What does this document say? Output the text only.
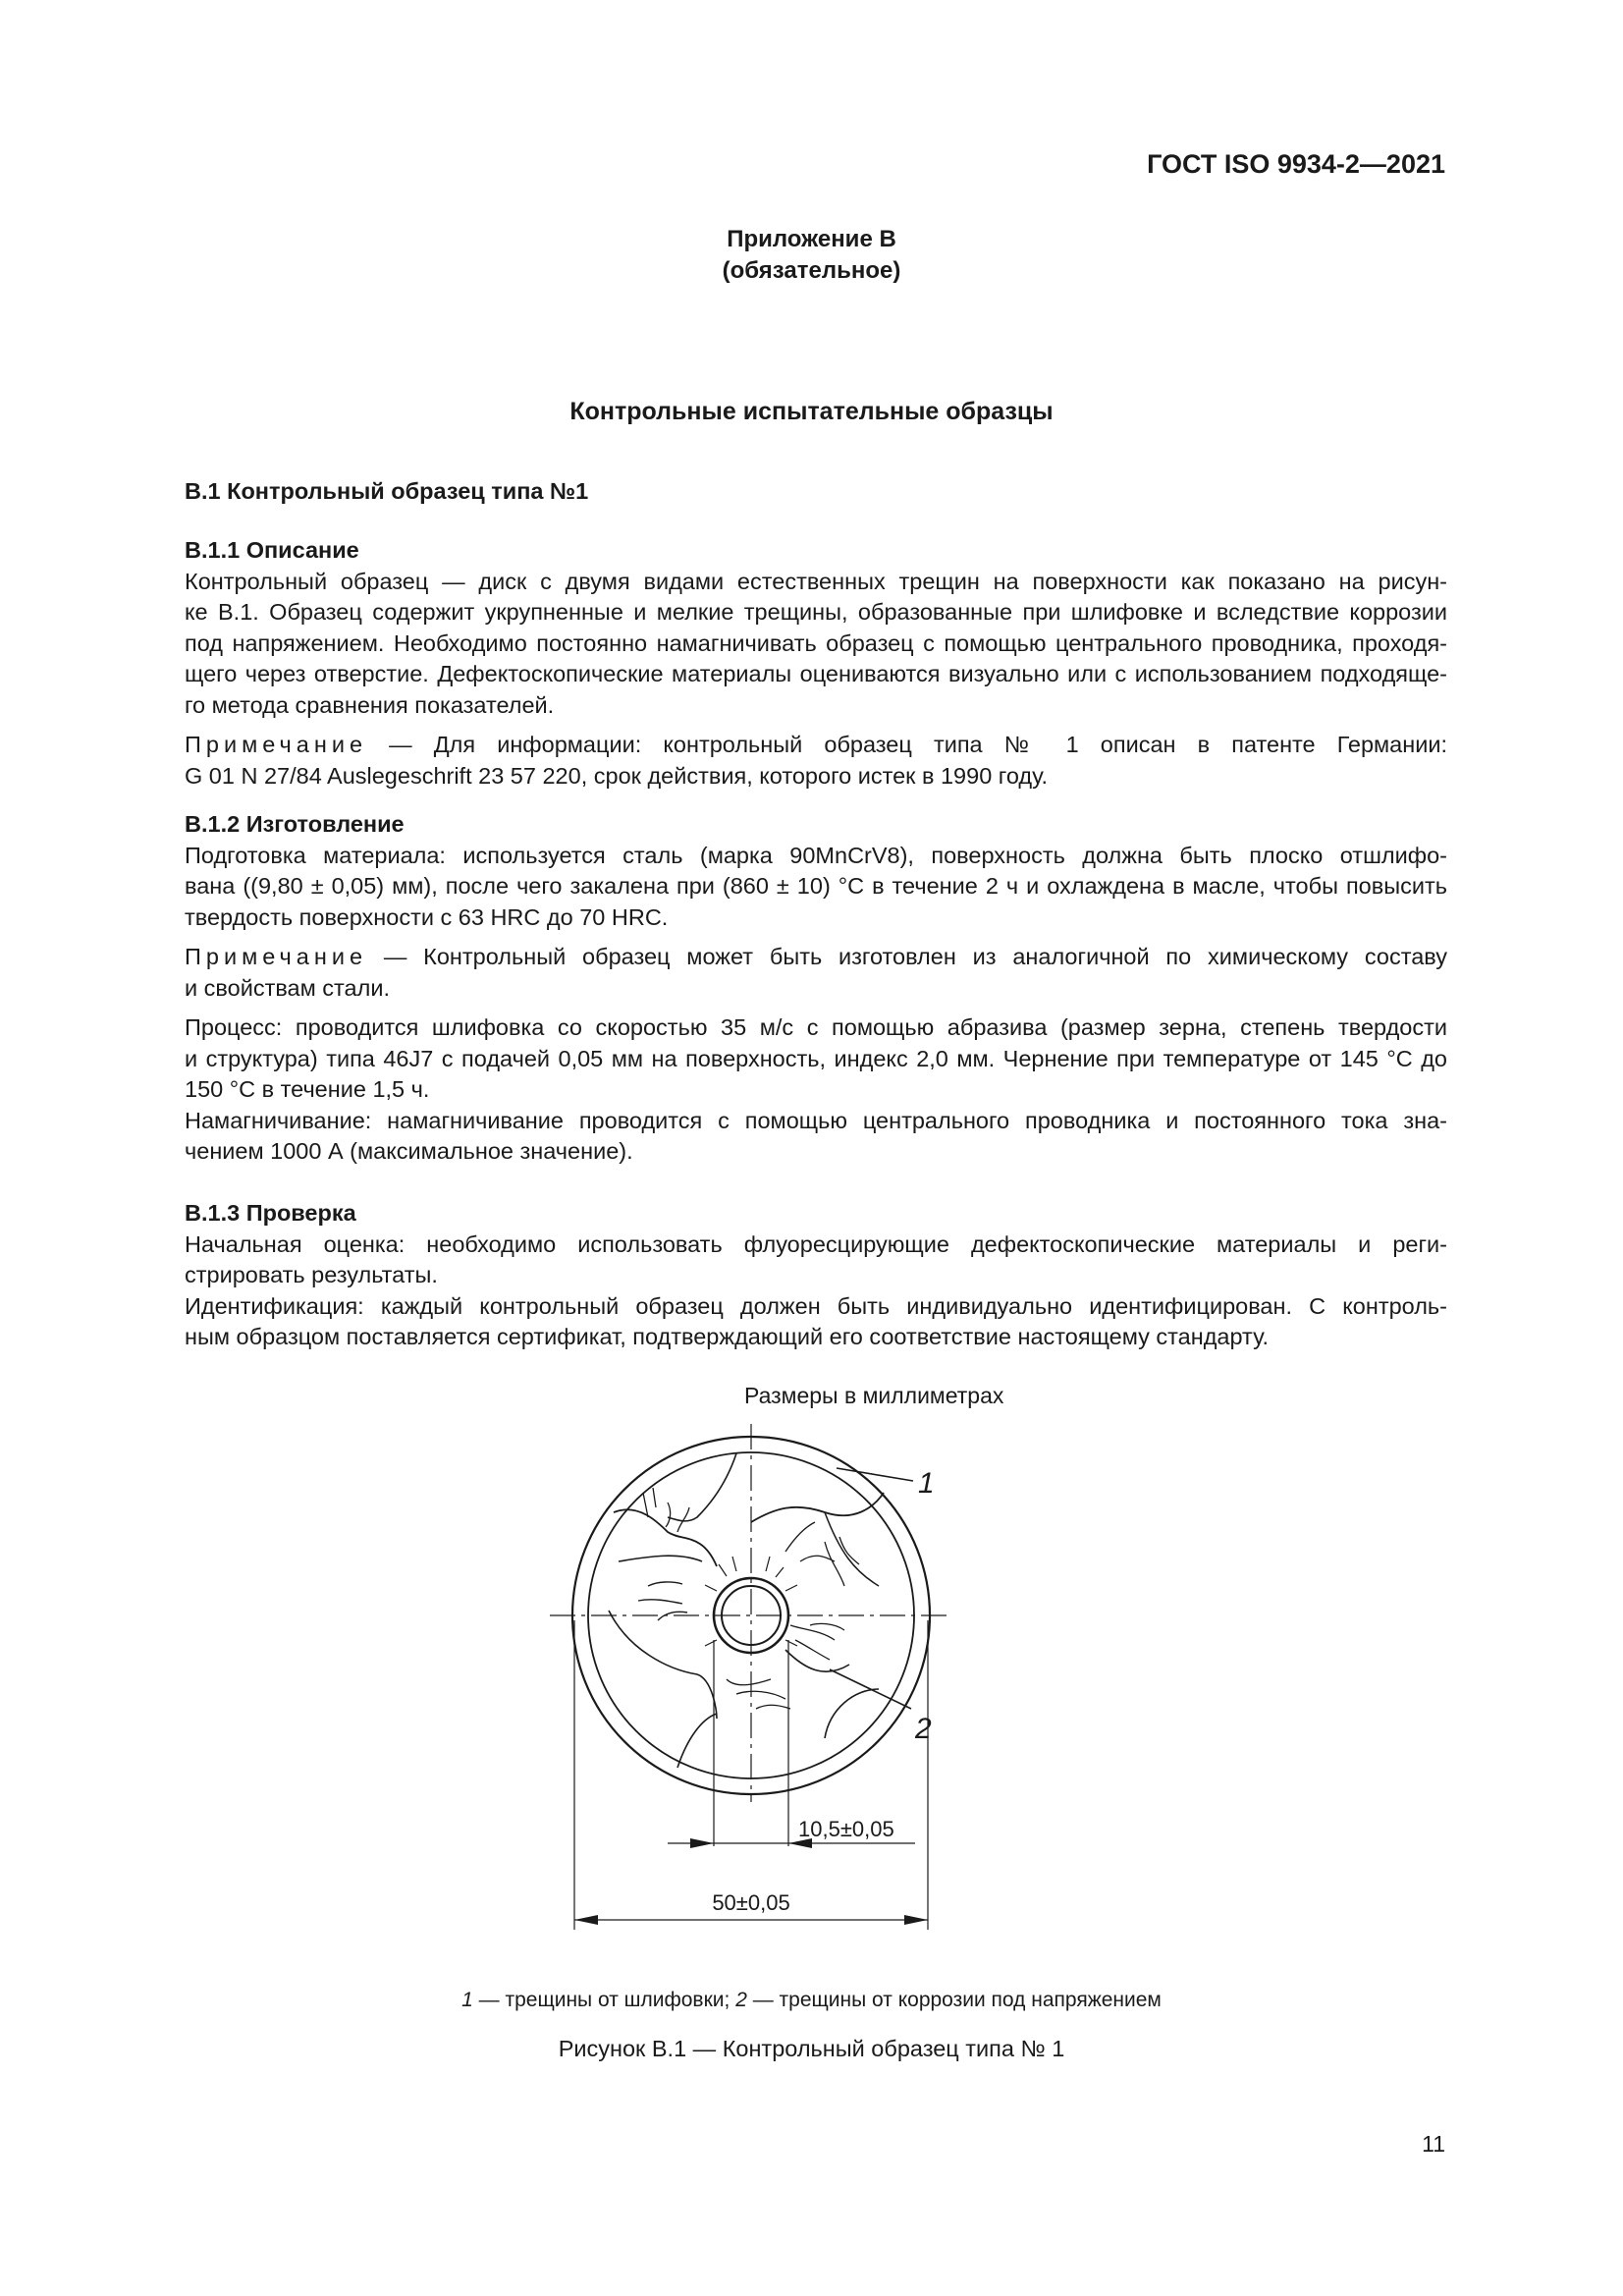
ГОСТ ISO 9934-2—2021
Приложение В
(обязательное)
Контрольные испытательные образцы
В.1 Контрольный образец типа №1
В.1.1 Описание
Контрольный образец — диск с двумя видами естественных трещин на поверхности как показано на рисун-
ке В.1. Образец содержит укрупненные и мелкие трещины, образованные при шлифовке и вследствие коррозии
под напряжением. Необходимо постоянно намагничивать образец с помощью центрального проводника, проходя-
щего через отверстие. Дефектоскопические материалы оцениваются визуально или с использованием подходяще-
го метода сравнения показателей.
Примечание — Для информации: контрольный образец типа № 1 описан в патенте Германии:
G 01 N 27/84 Auslegeschrift 23 57 220, срок действия, которого истек в 1990 году.
В.1.2 Изготовление
Подготовка материала: используется сталь (марка 90MnCrV8), поверхность должна быть плоско отшлифо-
вана ((9,80 ± 0,05) мм), после чего закалена при (860 ± 10) °С в течение 2 ч и охлаждена в масле, чтобы повысить
твердость поверхности с 63 HRC до 70 HRC.
Примечание — Контрольный образец может быть изготовлен из аналогичной по химическому составу
и свойствам стали.
Процесс: проводится шлифовка со скоростью 35 м/с с помощью абразива (размер зерна, степень твердости
и структура) типа 46J7 с подачей 0,05 мм на поверхность, индекс 2,0 мм. Чернение при температуре от 145 °С до
150 °С в течение 1,5 ч.
Намагничивание: намагничивание проводится с помощью центрального проводника и постоянного тока зна-
чением 1000 А (максимальное значение).
В.1.3 Проверка
Начальная оценка: необходимо использовать флуоресцирующие дефектоскопические материалы и реги-
стрировать результаты.
Идентификация: каждый контрольный образец должен быть индивидуально идентифицирован. С контроль-
ным образцом поставляется сертификат, подтверждающий его соответствие настоящему стандарту.
Размеры в миллиметрах
1
2
10,5±0,05
50±0,05
1 — трещины от шлифовки; 2 — трещины от коррозии под напряжением
Рисунок В.1 — Контрольный образец типа № 1
11
